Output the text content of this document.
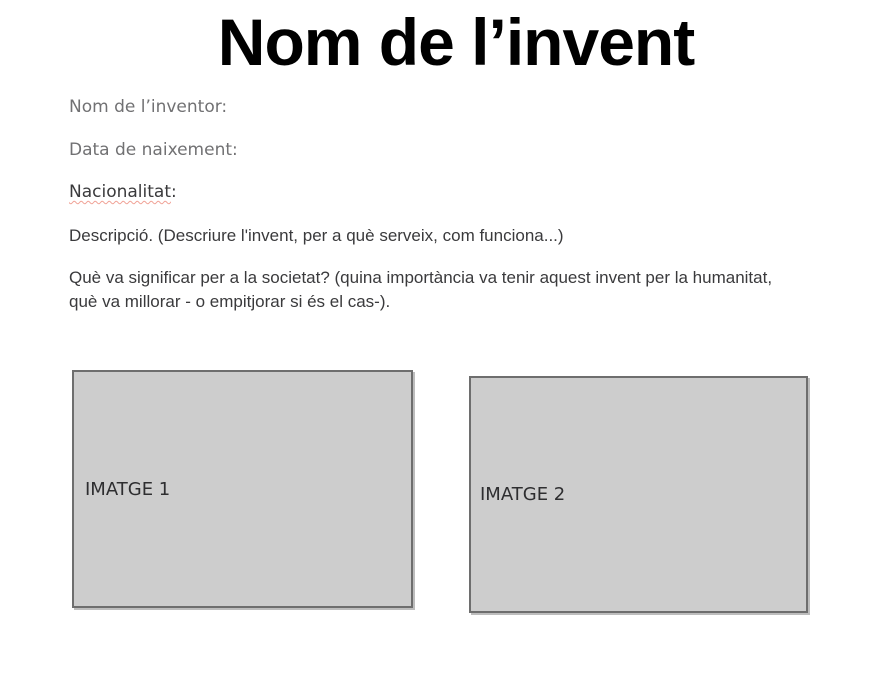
Nom de l’invent

Nom de l’inventor:

Data de naixement:

Nacionalitat:

Descripció. (Descriure l'invent, per a què serveix, com funciona...)

Què va significar per a la societat? (quina importància va tenir aquest invent per la humanitat, què va millorar - o empitjorar si és el cas-).

IMATGE 1	IMATGE 2
